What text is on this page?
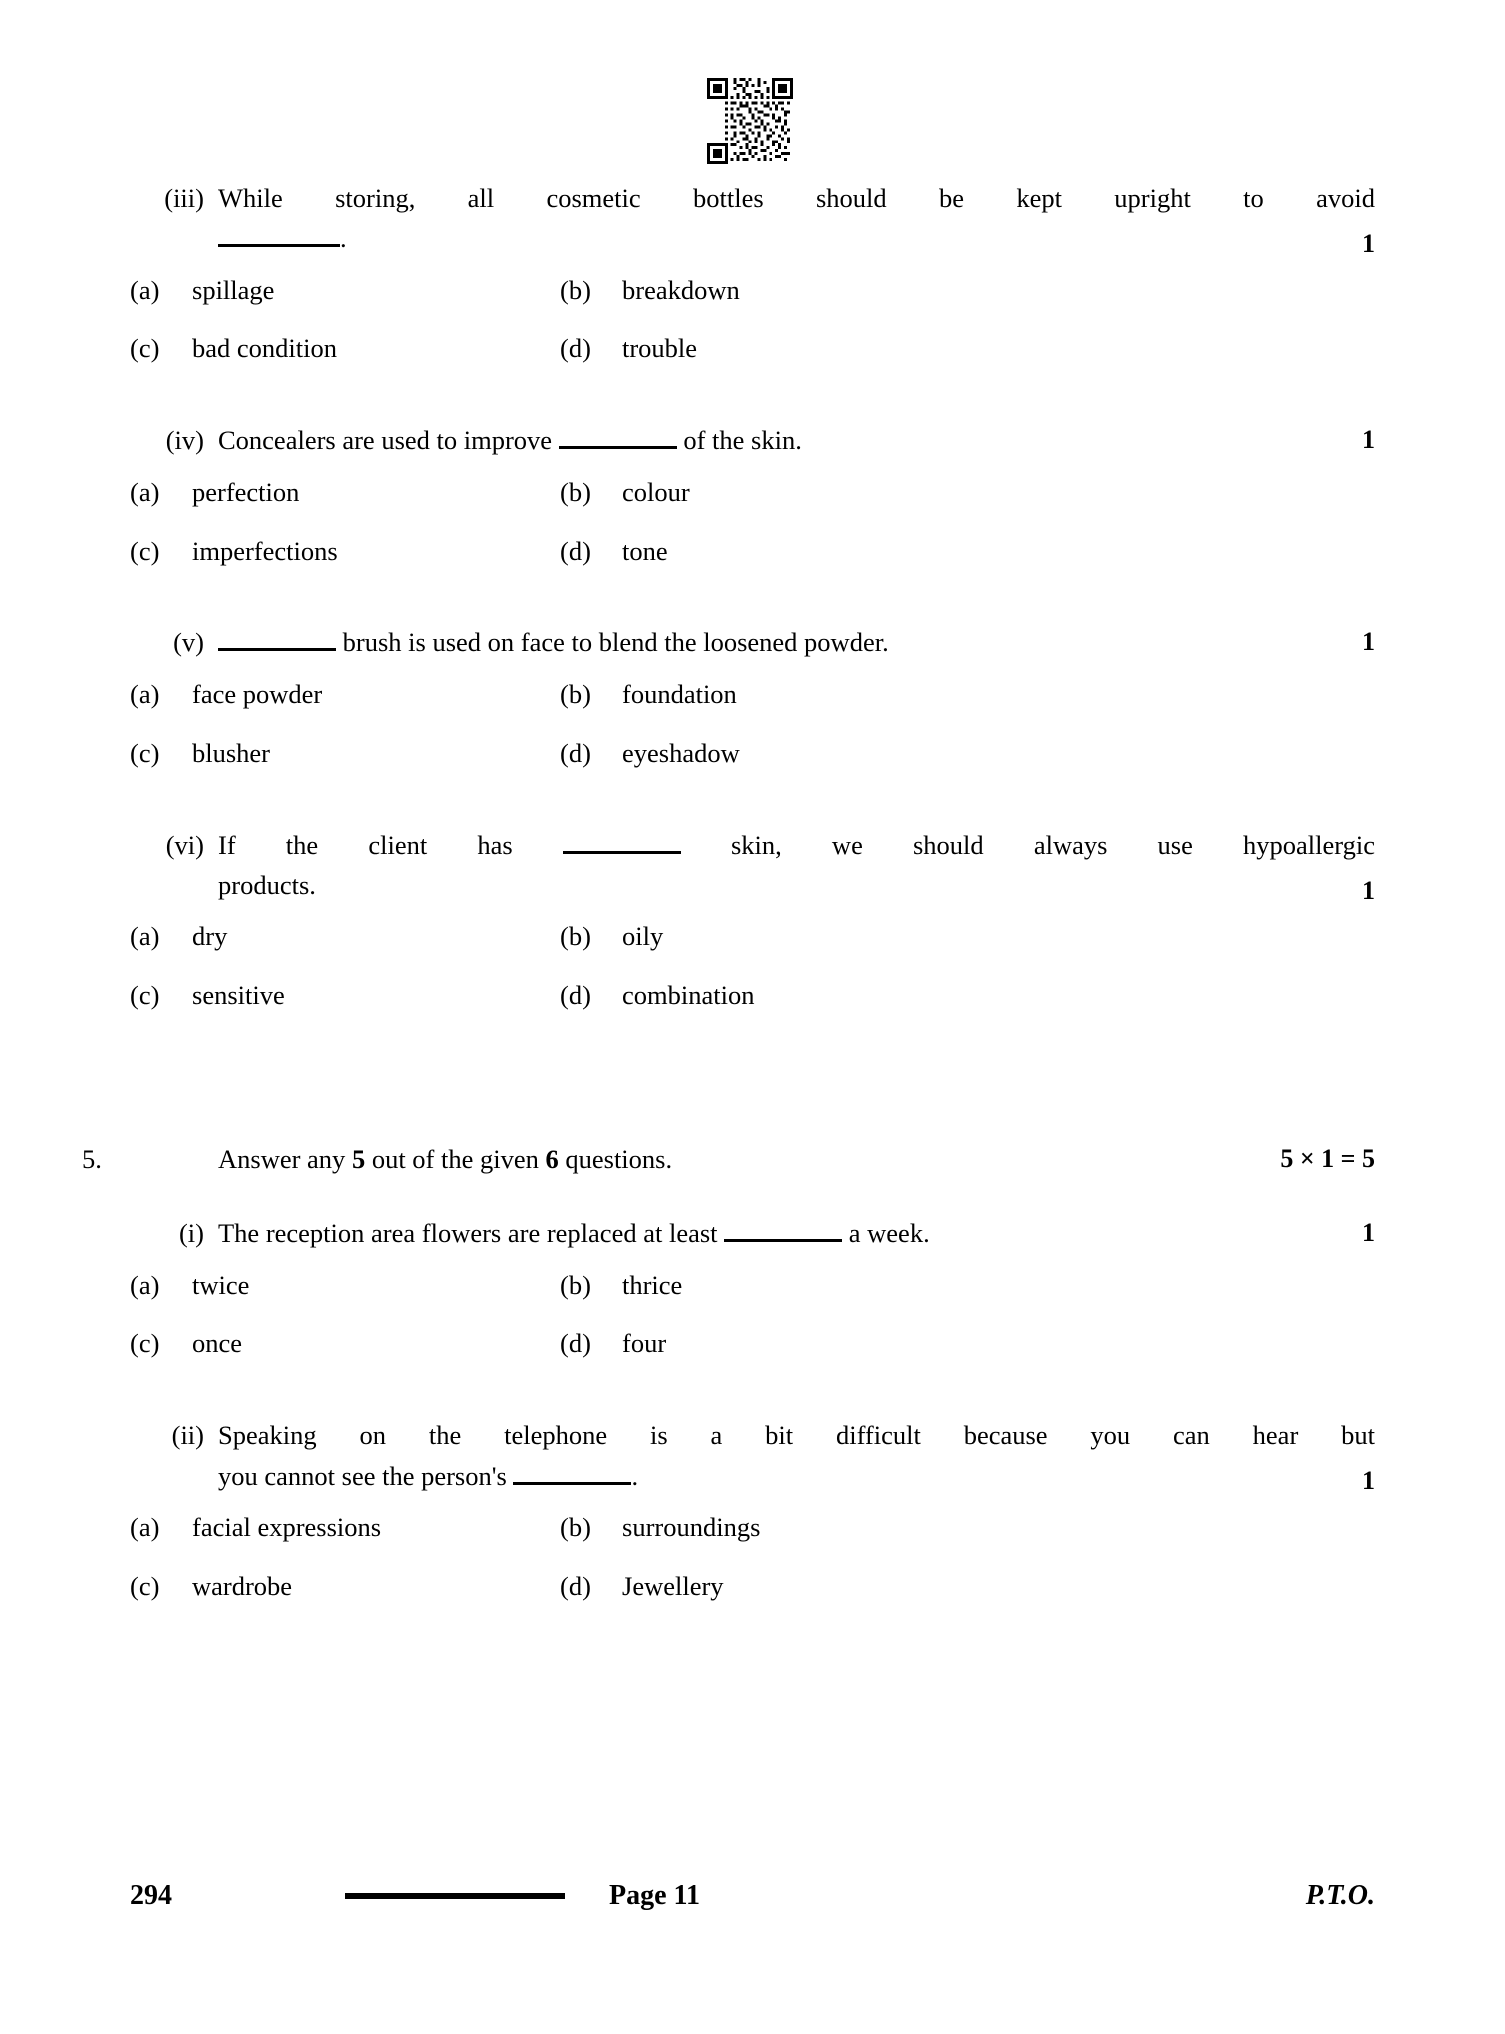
(iii) While storing, all cosmetic bottles should be kept upright to avoid
.	1
(a)	spillage	(b)	breakdown
(c)	bad condition	(d)	trouble
(iv) Concealers are used to improve	of the skin.	1
(a)	perfection	(b)	colour
(c)	imperfections	(d)	tone
(v)	brush is used on face to blend the loosened powder.	1
(a)	face powder	(b)	foundation
(c)	blusher	(d)	eyeshadow
(vi) If the client has	skin, we should always use hypoallergic
products.	1
(a)	dry	(b)	oily
(c)	sensitive	(d)	combination
5.	Answer any 5 out of the given 6 questions.	5 × 1 = 5
(i) The reception area flowers are replaced at least	a week.	1
(a)	twice	(b)	thrice
(c)	once	(d)	four
(ii) Speaking on the telephone is a bit difficult because you can hear but
you cannot see the person's	.	1
(a)	facial expressions	(b)	surroundings
(c)	wardrobe	(d)	Jewellery
294	Page 11	P.T.O.
